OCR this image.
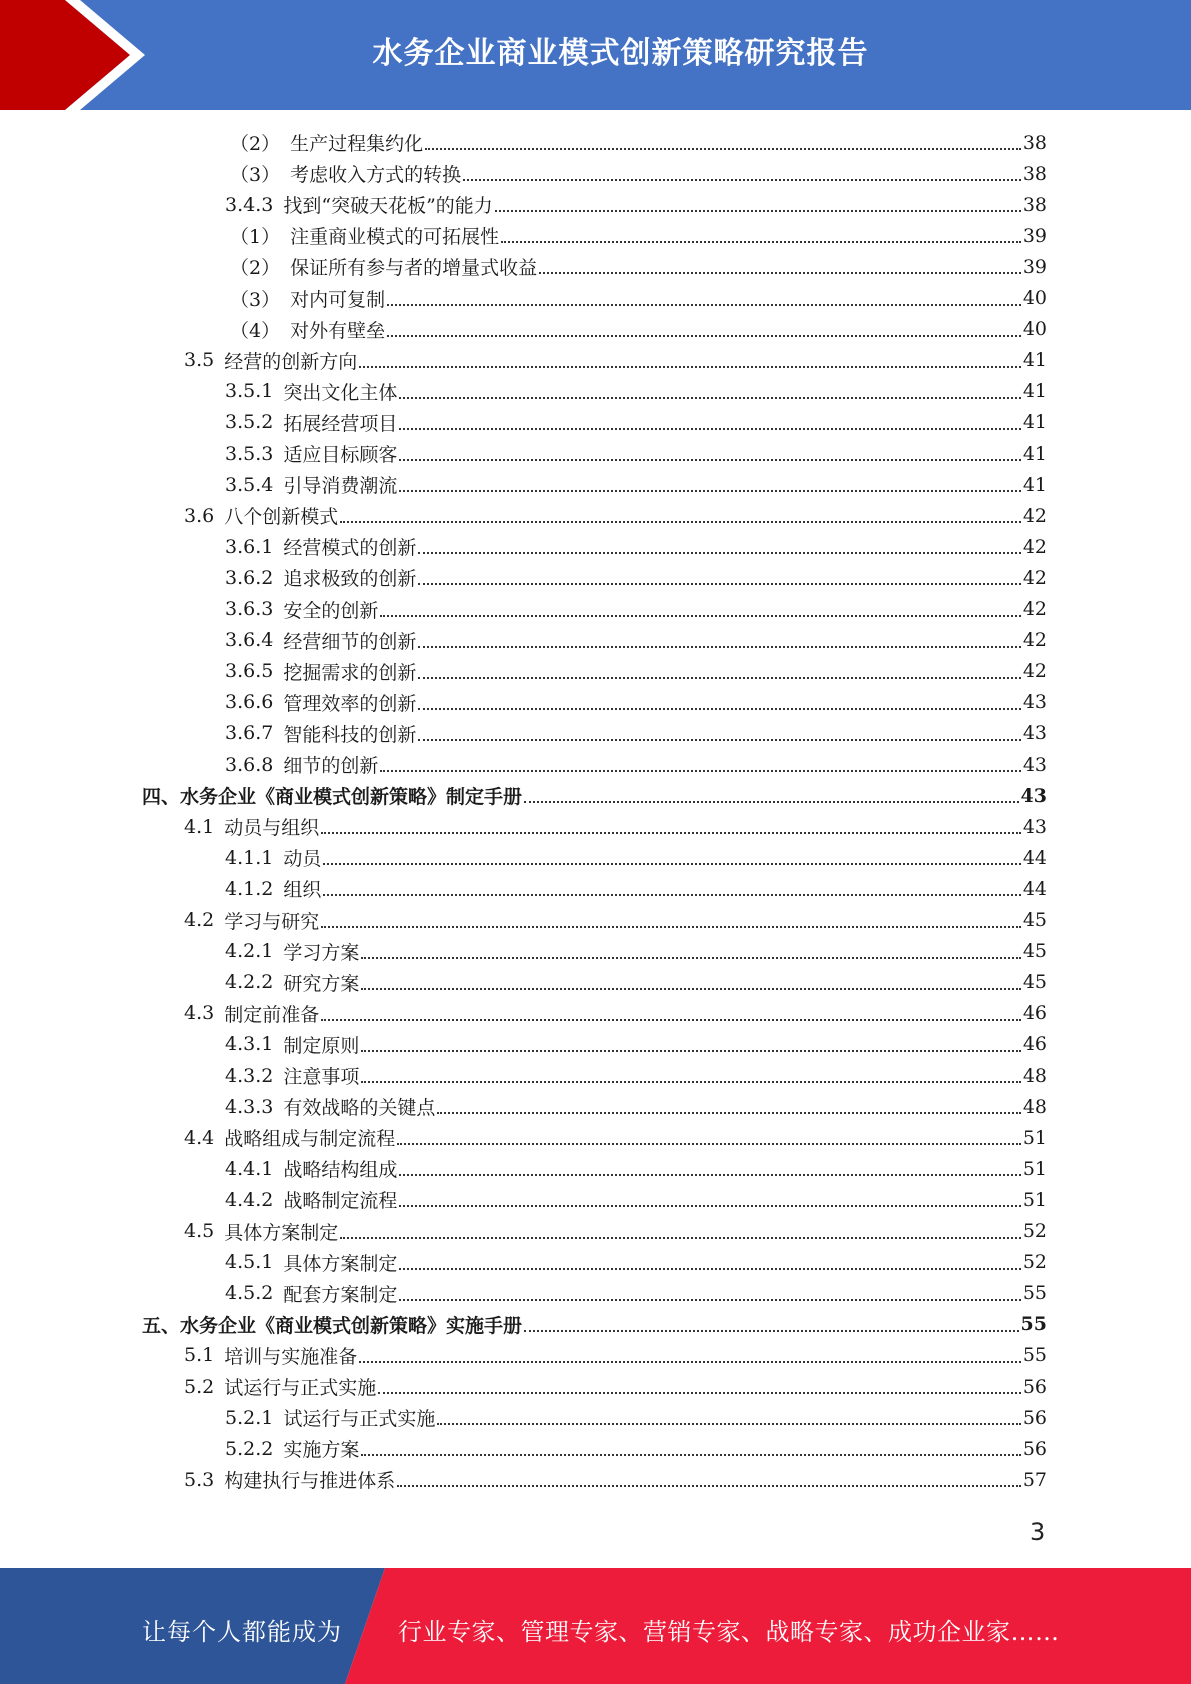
水务企业商业模式创新策略研究报告
（2） 生产过程集约化	38
（3） 考虑收入方式的转换	38
3.4.3 找到“突破天花板”的能力	38
（1） 注重商业模式的可拓展性	39
（2） 保证所有参与者的增量式收益	39
（3） 对内可复制	40
（4） 对外有壁垒	40
3.5 经营的创新方向	41
3.5.1 突出文化主体	41
3.5.2 拓展经营项目	41
3.5.3 适应目标顾客	41
3.5.4 引导消费潮流	41
3.6 八个创新模式	42
3.6.1 经营模式的创新	42
3.6.2 追求极致的创新	42
3.6.3 安全的创新	42
3.6.4 经营细节的创新	42
3.6.5 挖掘需求的创新	42
3.6.6 管理效率的创新	43
3.6.7 智能科技的创新	43
3.6.8 细节的创新	43
四、水务企业《商业模式创新策略》制定手册	43
4.1 动员与组织	43
4.1.1 动员	44
4.1.2 组织	44
4.2 学习与研究	45
4.2.1 学习方案	45
4.2.2 研究方案	45
4.3 制定前准备	46
4.3.1 制定原则	46
4.3.2 注意事项	48
4.3.3 有效战略的关键点	48
4.4 战略组成与制定流程	51
4.4.1 战略结构组成	51
4.4.2 战略制定流程	51
4.5 具体方案制定	52
4.5.1 具体方案制定	52
4.5.2 配套方案制定	55
五、水务企业《商业模式创新策略》实施手册	55
5.1 培训与实施准备	55
5.2 试运行与正式实施	56
5.2.1 试运行与正式实施	56
5.2.2 实施方案	56
5.3 构建执行与推进体系	57
3
让每个人都能成为 行业专家、管理专家、营销专家、战略专家、成功企业家……
